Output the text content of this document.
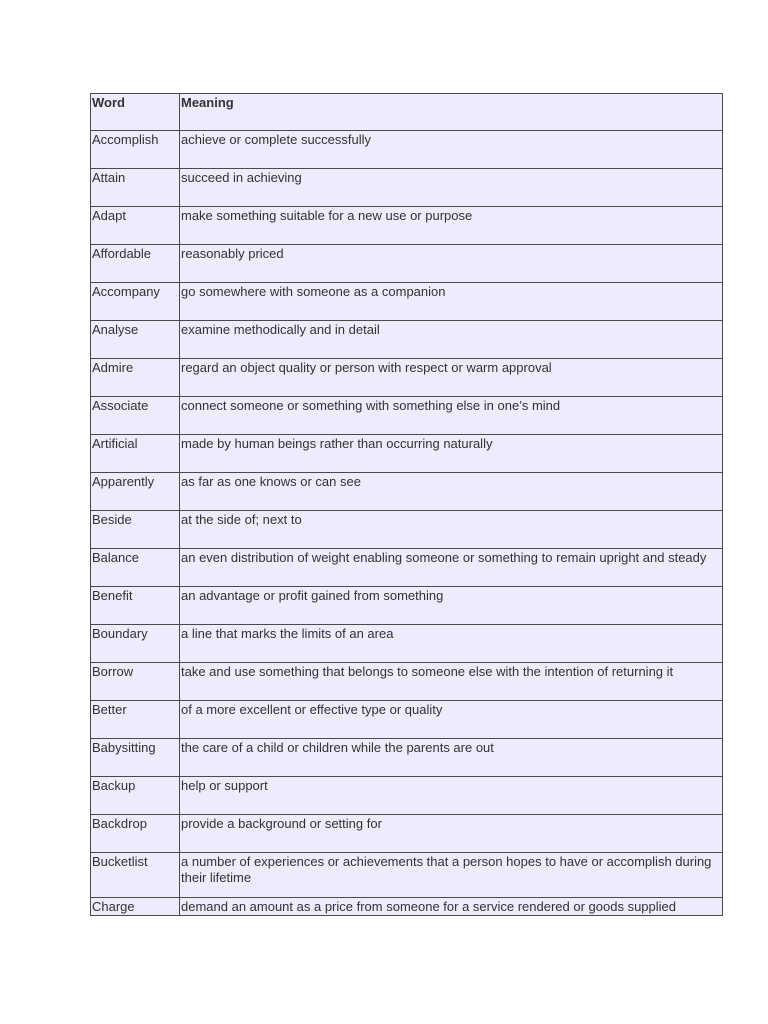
Word	Meaning
Accomplish	achieve or complete successfully
Attain	succeed in achieving
Adapt	make something suitable for a new use or purpose
Affordable	reasonably priced
Accompany	go somewhere with someone as a companion
Analyse	examine methodically and in detail
Admire	regard an object quality or person with respect or warm approval
Associate	connect someone or something with something else in one’s mind
Artificial	made by human beings rather than occurring naturally
Apparently	as far as one knows or can see
Beside	at the side of; next to
Balance	an even distribution of weight enabling someone or something to remain upright and steady
Benefit	an advantage or profit gained from something
Boundary	a line that marks the limits of an area
Borrow	take and use something that belongs to someone else with the intention of returning it
Better	of a more excellent or effective type or quality
Babysitting	the care of a child or children while the parents are out
Backup	help or support
Backdrop	provide a background or setting for
Bucketlist	a number of experiences or achievements that a person hopes to have or accomplish during their lifetime
Charge	demand an amount as a price from someone for a service rendered or goods supplied
